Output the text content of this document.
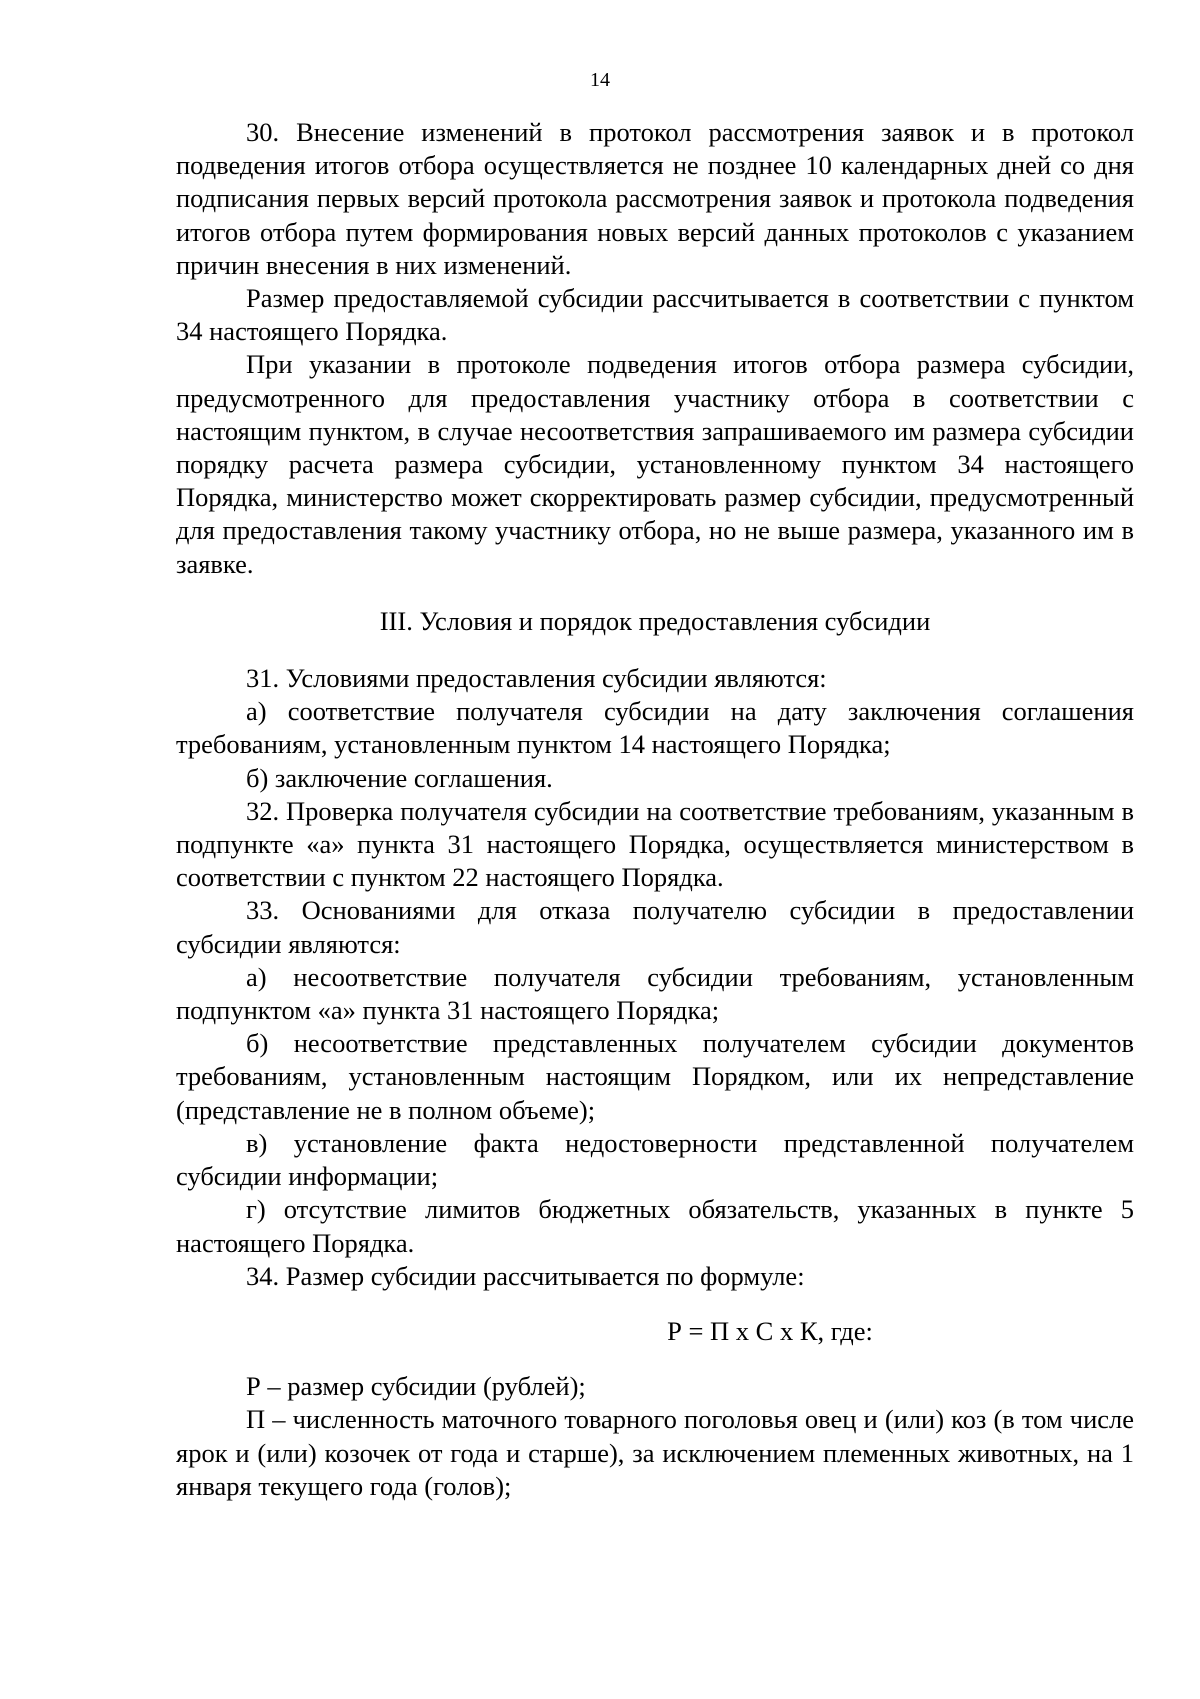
14

30. Внесение изменений в протокол рассмотрения заявок и в протокол подведения итогов отбора осуществляется не позднее 10 календарных дней со дня подписания первых версий протокола рассмотрения заявок и протокола подведения итогов отбора путем формирования новых версий данных протоколов с указанием причин внесения в них изменений.

Размер предоставляемой субсидии рассчитывается в соответствии с пунктом 34 настоящего Порядка.

При указании в протоколе подведения итогов отбора размера субсидии, предусмотренного для предоставления участнику отбора в соответствии с настоящим пунктом, в случае несоответствия запрашиваемого им размера субсидии порядку расчета размера субсидии, установленному пунктом 34 настоящего Порядка, министерство может скорректировать размер субсидии, предусмотренный для предоставления такому участнику отбора, но не выше размера, указанного им в заявке.

III. Условия и порядок предоставления субсидии

31. Условиями предоставления субсидии являются:

а) соответствие получателя субсидии на дату заключения соглашения требованиям, установленным пунктом 14 настоящего Порядка;

б) заключение соглашения.

32. Проверка получателя субсидии на соответствие требованиям, указанным в подпункте «а» пункта 31 настоящего Порядка, осуществляется министерством в соответствии с пунктом 22 настоящего Порядка.

33. Основаниями для отказа получателю субсидии в предоставлении субсидии являются:

а) несоответствие получателя субсидии требованиям, установленным подпунктом «а» пункта 31 настоящего Порядка;

б) несоответствие представленных получателем субсидии документов требованиям, установленным настоящим Порядком, или их непредставление (представление не в полном объеме);

в) установление факта недостоверности представленной получателем субсидии информации;

г) отсутствие лимитов бюджетных обязательств, указанных в пункте 5 настоящего Порядка.

34. Размер субсидии рассчитывается по формуле:

Р = П х С х К, где:

Р – размер субсидии (рублей);

П – численность маточного товарного поголовья овец и (или) коз (в том числе ярок и (или) козочек от года и старше), за исключением племенных животных, на 1 января текущего года (голов);
